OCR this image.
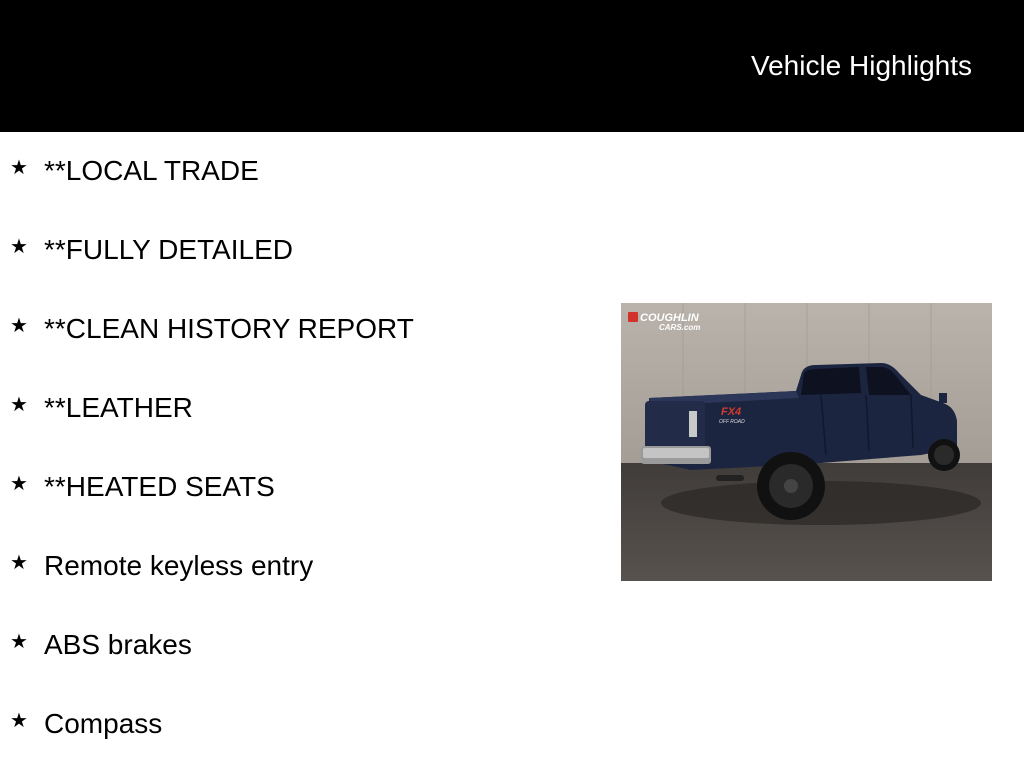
Vehicle Highlights
★ **LOCAL TRADE
★ **FULLY DETAILED
★ **CLEAN HISTORY REPORT
★ **LEATHER
★ **HEATED SEATS
★ Remote keyless entry
★ ABS brakes
★ Compass
FX4
OFF ROAD
COUGHLIN
CARS.com
